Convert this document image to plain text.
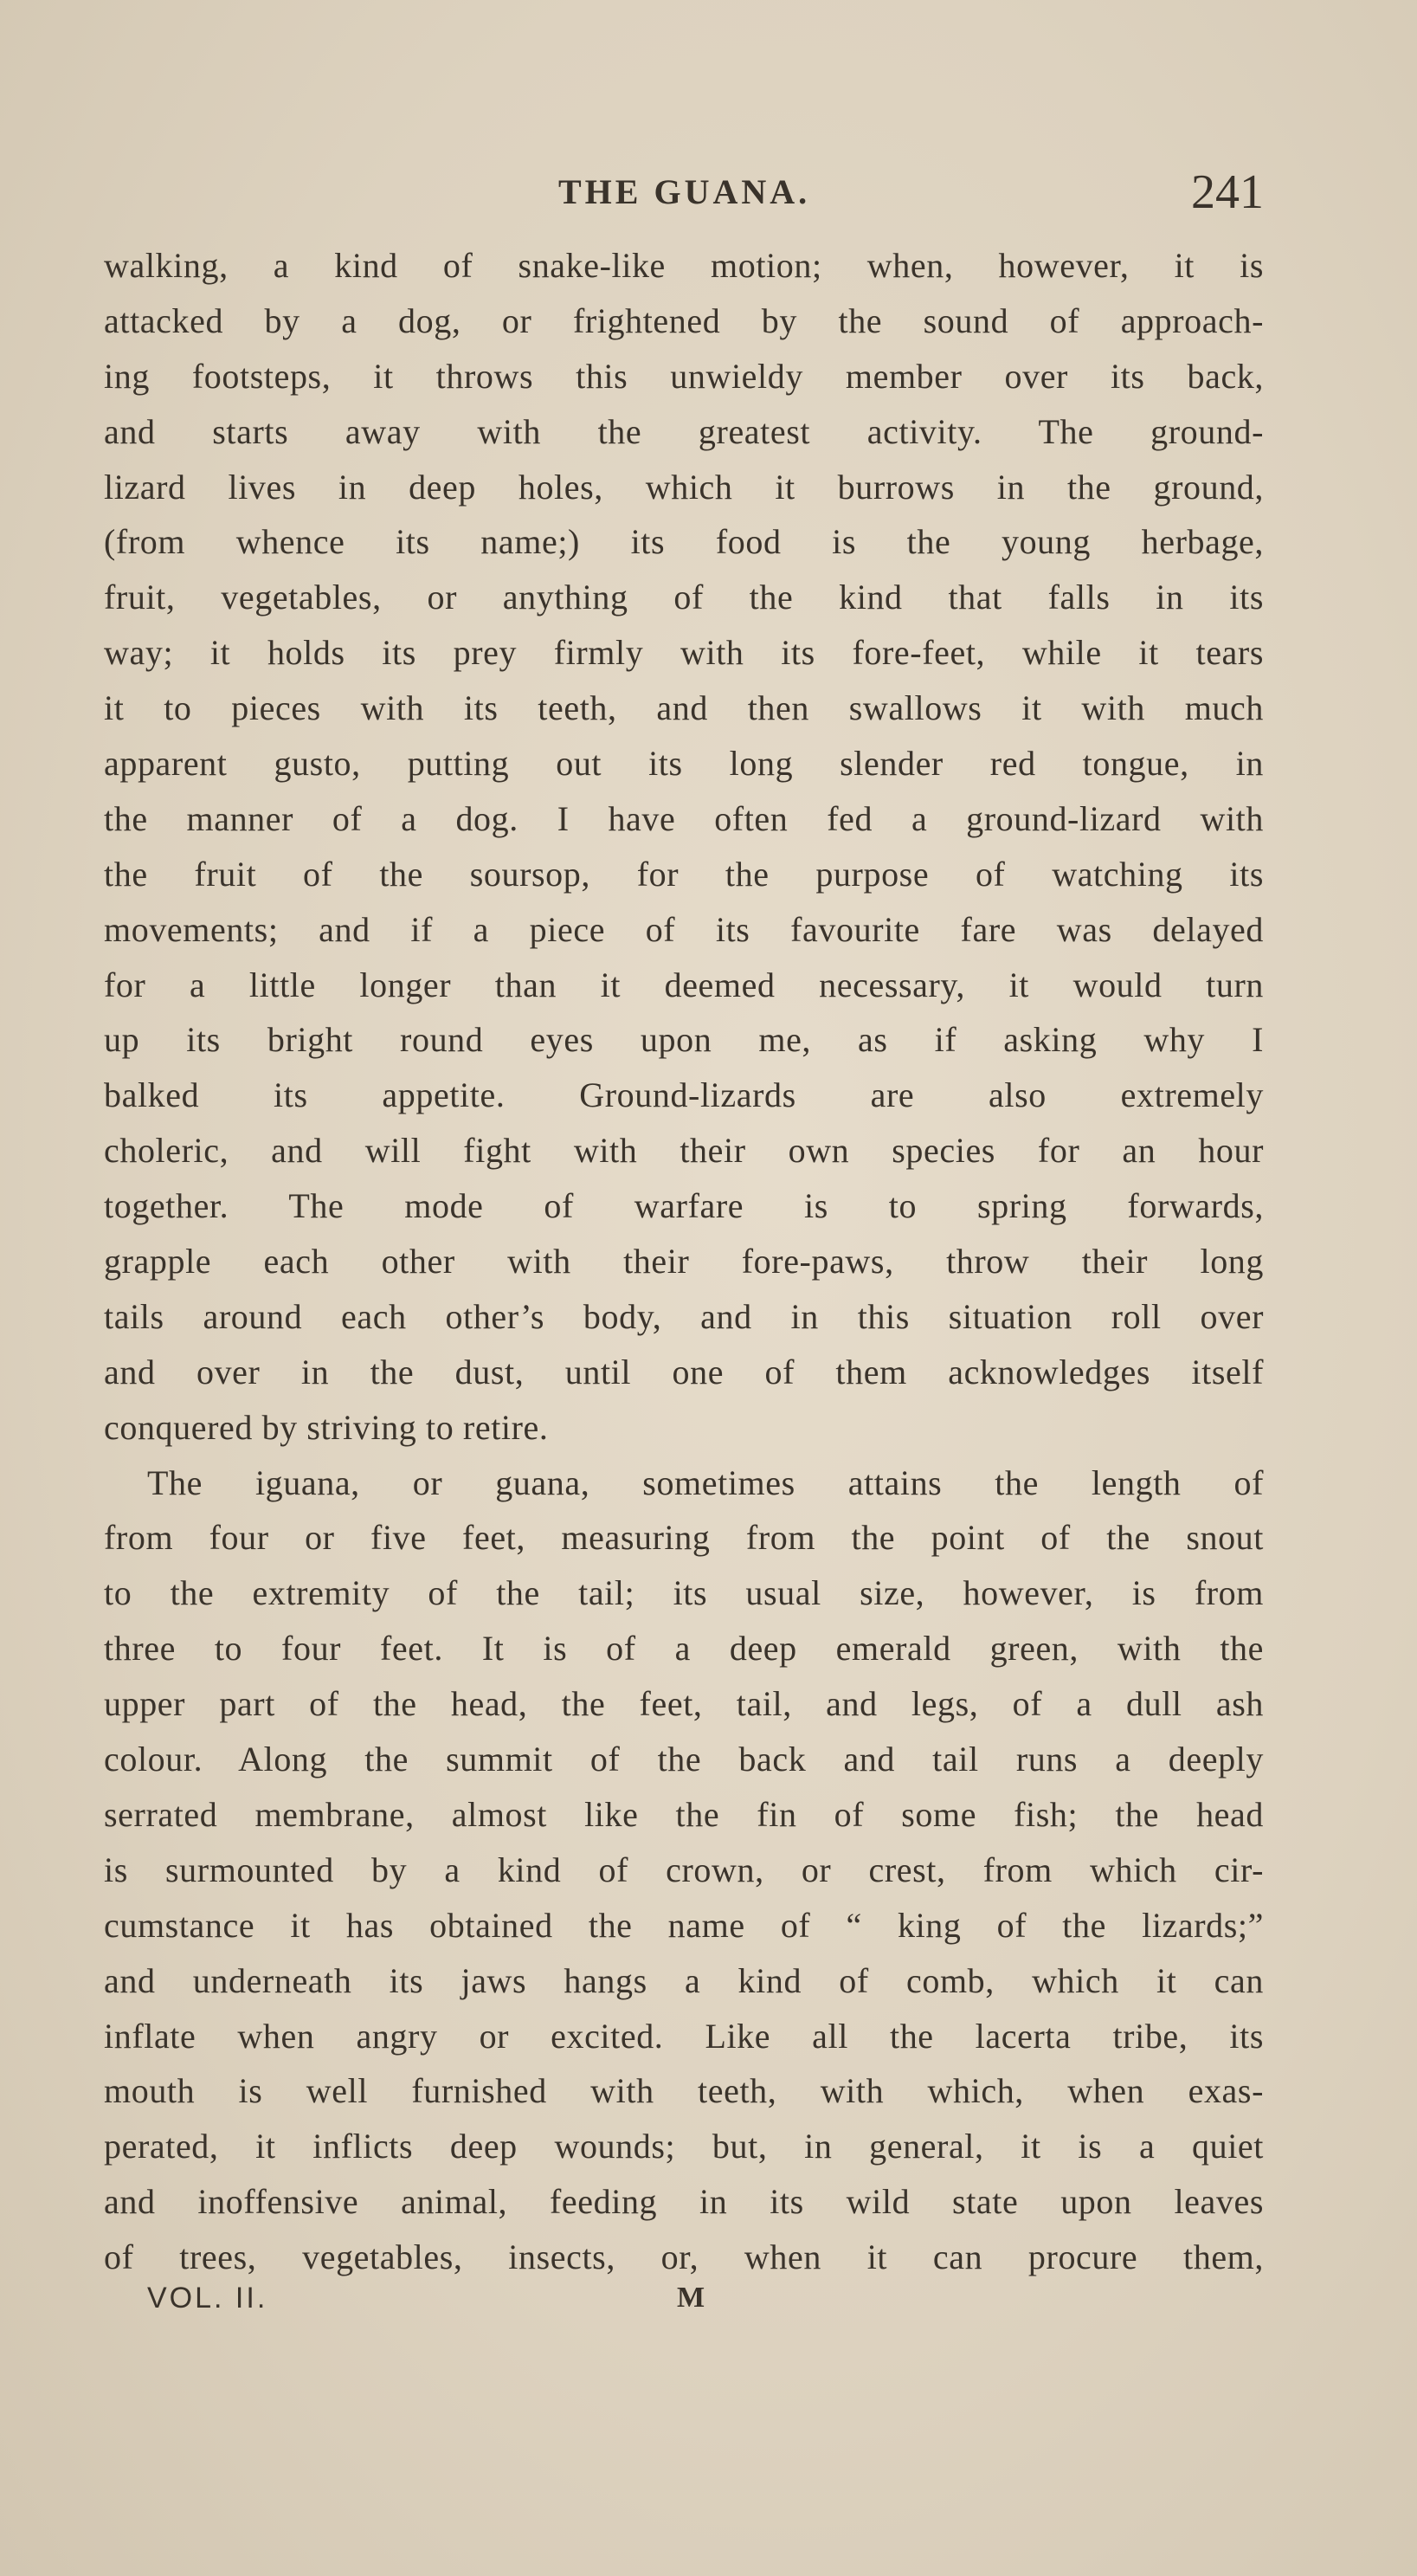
THE GUANA.	241
walking, a kind of snake-like motion; when, however, it is
attacked by a dog, or frightened by the sound of approach-
ing footsteps, it throws this unwieldy member over its back,
and starts away with the greatest activity. The ground-
lizard lives in deep holes, which it burrows in the ground,
(from whence its name;) its food is the young herbage,
fruit, vegetables, or anything of the kind that falls in its
way; it holds its prey firmly with its fore-feet, while it tears
it to pieces with its teeth, and then swallows it with much
apparent gusto, putting out its long slender red tongue, in
the manner of a dog. I have often fed a ground-lizard with
the fruit of the soursop, for the purpose of watching its
movements; and if a piece of its favourite fare was delayed
for a little longer than it deemed necessary, it would turn
up its bright round eyes upon me, as if asking why I
balked its appetite. Ground-lizards are also extremely
choleric, and will fight with their own species for an hour
together. The mode of warfare is to spring forwards,
grapple each other with their fore-paws, throw their long
tails around each other’s body, and in this situation roll over
and over in the dust, until one of them acknowledges itself
conquered by striving to retire.
The iguana, or guana, sometimes attains the length of
from four or five feet, measuring from the point of the snout
to the extremity of the tail; its usual size, however, is from
three to four feet. It is of a deep emerald green, with the
upper part of the head, the feet, tail, and legs, of a dull ash
colour. Along the summit of the back and tail runs a deeply
serrated membrane, almost like the fin of some fish; the head
is surmounted by a kind of crown, or crest, from which cir-
cumstance it has obtained the name of “ king of the lizards;”
and underneath its jaws hangs a kind of comb, which it can
inflate when angry or excited. Like all the lacerta tribe, its
mouth is well furnished with teeth, with which, when exas-
perated, it inflicts deep wounds; but, in general, it is a quiet
and inoffensive animal, feeding in its wild state upon leaves
of trees, vegetables, insects, or, when it can procure them,
VOL. II.	M
